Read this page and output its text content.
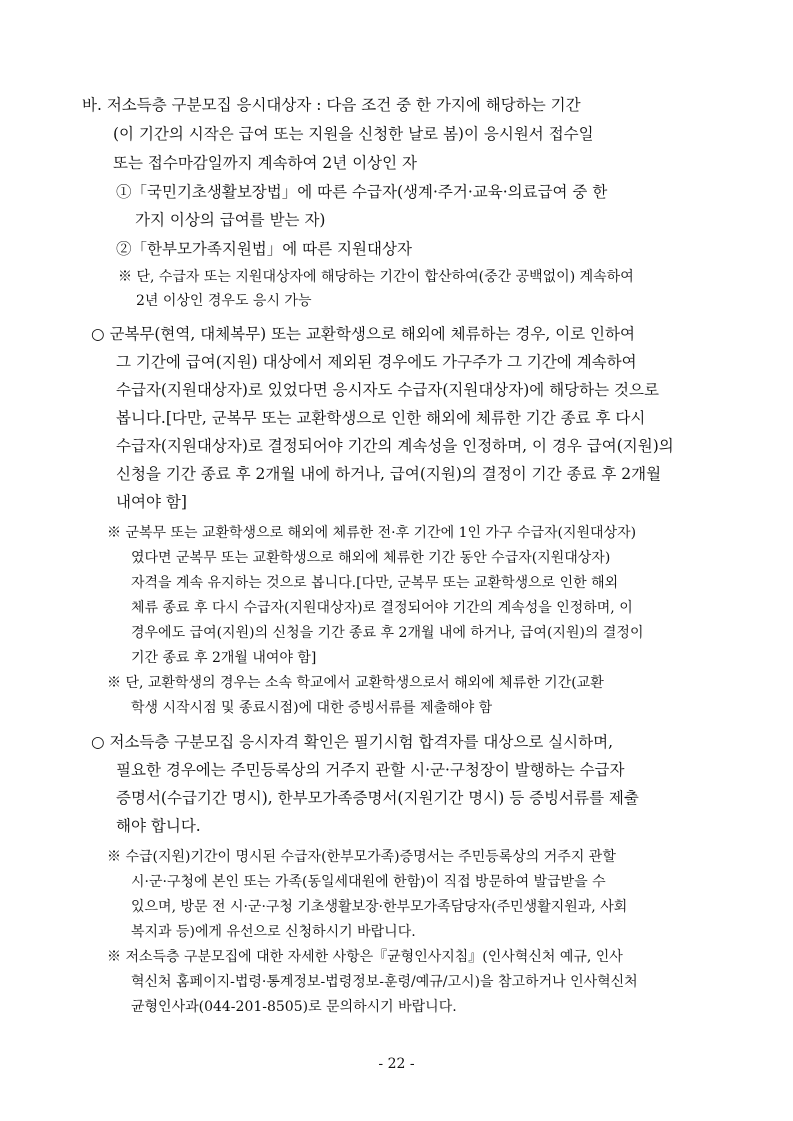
바. 저소득층 구분모집 응시대상자 : 다음 조건 중 한 가지에 해당하는 기간
(이 기간의 시작은 급여 또는 지원을 신청한 날로 봄)이 응시원서 접수일
또는 접수마감일까지 계속하여 2년 이상인 자
①「국민기초생활보장법」에 따른 수급자(생계·주거·교육·의료급여 중 한
가지 이상의 급여를 받는 자)
②「한부모가족지원법」에 따른 지원대상자
※ 단, 수급자 또는 지원대상자에 해당하는 기간이 합산하여(중간 공백없이) 계속하여
2년 이상인 경우도 응시 가능
○ 군복무(현역, 대체복무) 또는 교환학생으로 해외에 체류하는 경우, 이로 인하여
그 기간에 급여(지원) 대상에서 제외된 경우에도 가구주가 그 기간에 계속하여
수급자(지원대상자)로 있었다면 응시자도 수급자(지원대상자)에 해당하는 것으로
봅니다.[다만, 군복무 또는 교환학생으로 인한 해외에 체류한 기간 종료 후 다시
수급자(지원대상자)로 결정되어야 기간의 계속성을 인정하며, 이 경우 급여(지원)의
신청을 기간 종료 후 2개월 내에 하거나, 급여(지원)의 결정이 기간 종료 후 2개월
내여야 함]
※ 군복무 또는 교환학생으로 해외에 체류한 전·후 기간에 1인 가구 수급자(지원대상자)
였다면 군복무 또는 교환학생으로 해외에 체류한 기간 동안 수급자(지원대상자)
자격을 계속 유지하는 것으로 봅니다.[다만, 군복무 또는 교환학생으로 인한 해외
체류 종료 후 다시 수급자(지원대상자)로 결정되어야 기간의 계속성을 인정하며, 이
경우에도 급여(지원)의 신청을 기간 종료 후 2개월 내에 하거나, 급여(지원)의 결정이
기간 종료 후 2개월 내여야 함]
※ 단, 교환학생의 경우는 소속 학교에서 교환학생으로서 해외에 체류한 기간(교환
학생 시작시점 및 종료시점)에 대한 증빙서류를 제출해야 함
○ 저소득층 구분모집 응시자격 확인은 필기시험 합격자를 대상으로 실시하며,
필요한 경우에는 주민등록상의 거주지 관할 시·군·구청장이 발행하는 수급자
증명서(수급기간 명시), 한부모가족증명서(지원기간 명시) 등 증빙서류를 제출
해야 합니다.
※ 수급(지원)기간이 명시된 수급자(한부모가족)증명서는 주민등록상의 거주지 관할
시·군·구청에 본인 또는 가족(동일세대원에 한함)이 직접 방문하여 발급받을 수
있으며, 방문 전 시·군·구청 기초생활보장·한부모가족담당자(주민생활지원과, 사회
복지과 등)에게 유선으로 신청하시기 바랍니다.
※ 저소득층 구분모집에 대한 자세한 사항은『균형인사지침』(인사혁신처 예규, 인사
혁신처 홈페이지-법령·통계정보-법령정보-훈령/예규/고시)을 참고하거나 인사혁신처
균형인사과(044-201-8505)로 문의하시기 바랍니다.
- 22 -
